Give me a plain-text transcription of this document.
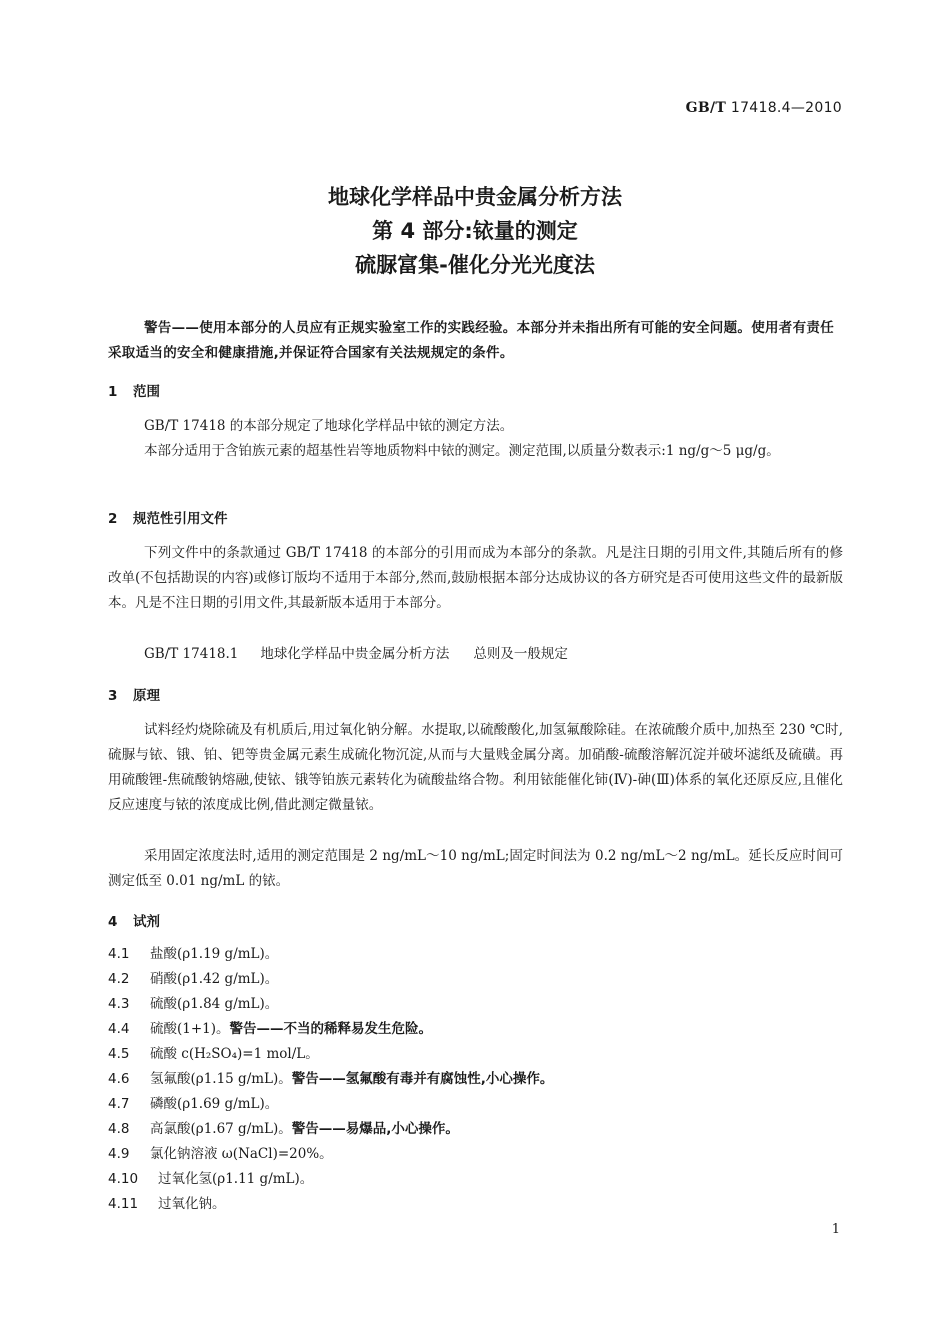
GB/T 17418.4—2010
地球化学样品中贵金属分析方法
第 4 部分:铱量的测定
硫脲富集-催化分光光度法
警告——使用本部分的人员应有正规实验室工作的实践经验。本部分并未指出所有可能的安全问题。使用者有责任采取适当的安全和健康措施,并保证符合国家有关法规规定的条件。
1 范围
GB/T 17418 的本部分规定了地球化学样品中铱的测定方法。
本部分适用于含铂族元素的超基性岩等地质物料中铱的测定。测定范围,以质量分数表示:1 ng/g～5 μg/g。
2 规范性引用文件
下列文件中的条款通过 GB/T 17418 的本部分的引用而成为本部分的条款。凡是注日期的引用文件,其随后所有的修改单(不包括勘误的内容)或修订版均不适用于本部分,然而,鼓励根据本部分达成协议的各方研究是否可使用这些文件的最新版本。凡是不注日期的引用文件,其最新版本适用于本部分。
GB/T 17418.1 地球化学样品中贵金属分析方法 总则及一般规定
3 原理
试料经灼烧除硫及有机质后,用过氧化钠分解。水提取,以硫酸酸化,加氢氟酸除硅。在浓硫酸介质中,加热至 230 ℃时,硫脲与铱、锇、铂、钯等贵金属元素生成硫化物沉淀,从而与大量贱金属分离。加硝酸-硫酸溶解沉淀并破坏滤纸及硫磺。再用硫酸锂-焦硫酸钠熔融,使铱、锇等铂族元素转化为硫酸盐络合物。利用铱能催化铈(Ⅳ)-砷(Ⅲ)体系的氧化还原反应,且催化反应速度与铱的浓度成比例,借此测定微量铱。
采用固定浓度法时,适用的测定范围是 2 ng/mL～10 ng/mL;固定时间法为 0.2 ng/mL～2 ng/mL。延长反应时间可测定低至 0.01 ng/mL 的铱。
4 试剂
4.1 盐酸(ρ1.19 g/mL)。
4.2 硝酸(ρ1.42 g/mL)。
4.3 硫酸(ρ1.84 g/mL)。
4.4 硫酸(1+1)。警告——不当的稀释易发生危险。
4.5 硫酸 c(H₂SO₄)=1 mol/L。
4.6 氢氟酸(ρ1.15 g/mL)。警告——氢氟酸有毒并有腐蚀性,小心操作。
4.7 磷酸(ρ1.69 g/mL)。
4.8 高氯酸(ρ1.67 g/mL)。警告——易爆品,小心操作。
4.9 氯化钠溶液 ω(NaCl)=20%。
4.10 过氧化氢(ρ1.11 g/mL)。
4.11 过氧化钠。
1
